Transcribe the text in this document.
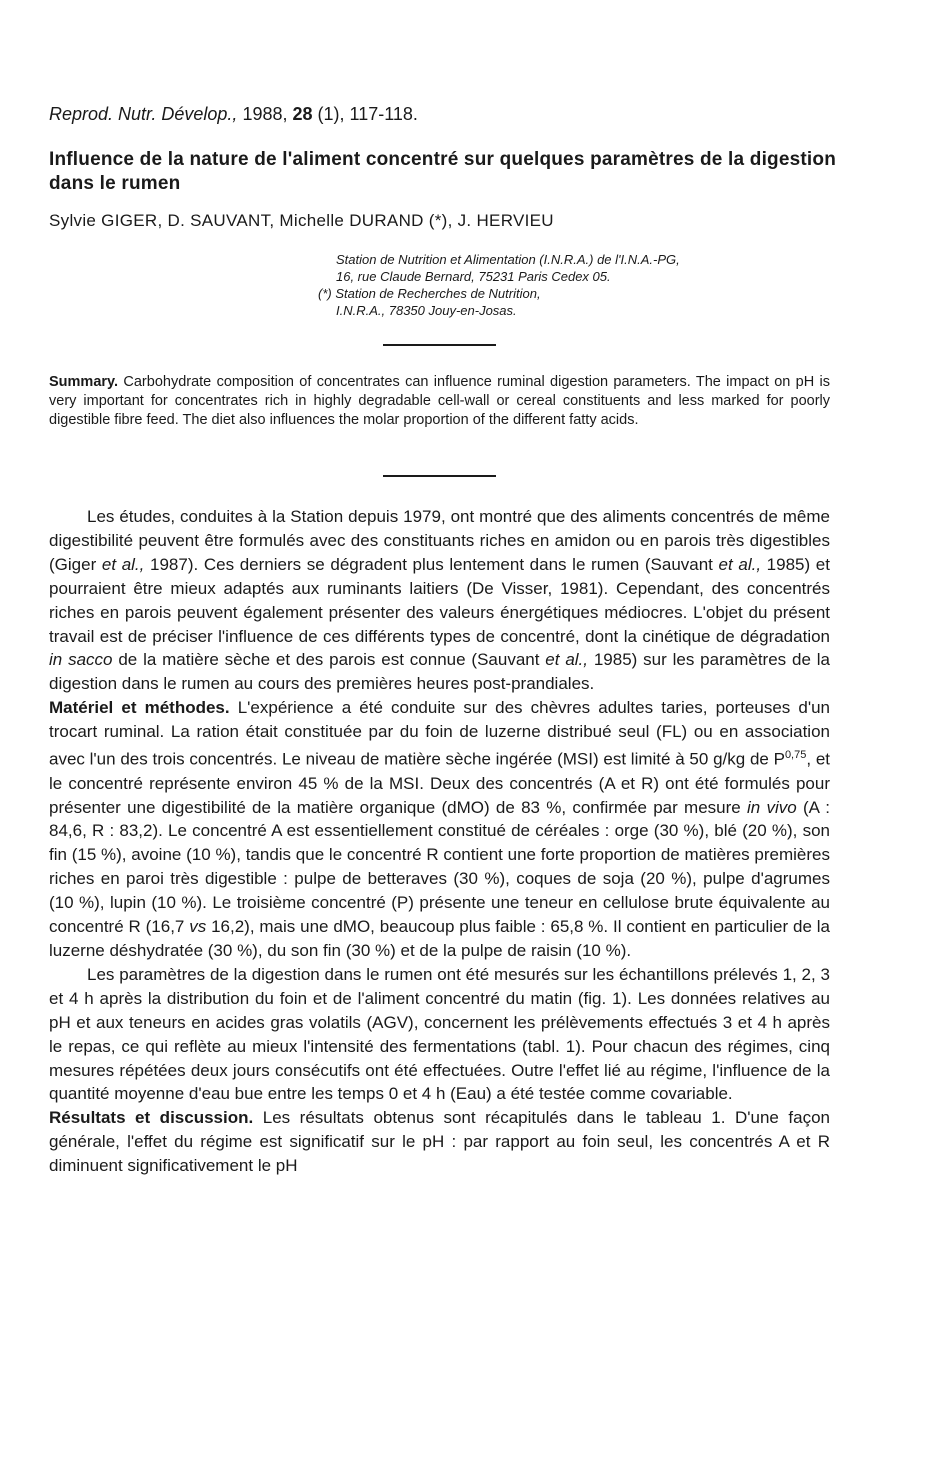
Reprod. Nutr. Dévelop., 1988, 28 (1), 117-118.
Influence de la nature de l'aliment concentré sur quelques paramètres de la digestion dans le rumen
Sylvie GIGER, D. SAUVANT, Michelle DURAND (*), J. HERVIEU
Station de Nutrition et Alimentation (I.N.R.A.) de l'I.N.A.-PG,
16, rue Claude Bernard, 75231 Paris Cedex 05.
(*) Station de Recherches de Nutrition,
I.N.R.A., 78350 Jouy-en-Josas.
Summary. Carbohydrate composition of concentrates can influence ruminal digestion parameters. The impact on pH is very important for concentrates rich in highly degradable cell-wall or cereal constituents and less marked for poorly digestible fibre feed. The diet also influences the molar proportion of the different fatty acids.

Les études, conduites à la Station depuis 1979, ont montré que des aliments concentrés de même digestibilité peuvent être formulés avec des constituants riches en amidon ou en parois très digestibles (Giger et al., 1987). Ces derniers se dégradent plus lentement dans le rumen (Sauvant et al., 1985) et pourraient être mieux adaptés aux ruminants laitiers (De Visser, 1981). Cependant, des concentrés riches en parois peuvent également présenter des valeurs énergétiques médiocres. L'objet du présent travail est de préciser l'influence de ces différents types de concentré, dont la cinétique de dégradation in sacco de la matière sèche et des parois est connue (Sauvant et al., 1985) sur les paramètres de la digestion dans le rumen au cours des premières heures post-prandiales.

Matériel et méthodes. L'expérience a été conduite sur des chèvres adultes taries, porteuses d'un trocart ruminal. La ration était constituée par du foin de luzerne distribué seul (FL) ou en association avec l'un des trois concentrés. Le niveau de matière sèche ingérée (MSI) est limité à 50 g/kg de P$^{0,75}$, et le concentré représente environ 45 % de la MSI. Deux des concentrés (A et R) ont été formulés pour présenter une digestibilité de la matière organique (dMO) de 83 %, confirmée par mesure in vivo (A : 84,6, R : 83,2). Le concentré A est essentiellement constitué de céréales : orge (30 %), blé (20 %), son fin (15 %), avoine (10 %), tandis que le concentré R contient une forte proportion de matières premières riches en paroi très digestible : pulpe de betteraves (30 %), coques de soja (20 %), pulpe d'agrumes (10 %), lupin (10 %). Le troisième concentré (P) présente une teneur en cellulose brute équivalente au concentré R (16,7 vs 16,2), mais une dMO, beaucoup plus faible : 65,8 %. Il contient en particulier de la luzerne déshydratée (30 %), du son fin (30 %) et de la pulpe de raisin (10 %).

Les paramètres de la digestion dans le rumen ont été mesurés sur les échantillons prélevés 1, 2, 3 et 4 h après la distribution du foin et de l'aliment concentré du matin (fig. 1). Les données relatives au pH et aux teneurs en acides gras volatils (AGV), concernent les prélèvements effectués 3 et 4 h après le repas, ce qui reflète au mieux l'intensité des fermentations (tabl. 1). Pour chacun des régimes, cinq mesures répétées deux jours consécutifs ont été effectuées. Outre l'effet lié au régime, l'influence de la quantité moyenne d'eau bue entre les temps 0 et 4 h (Eau) a été testée comme covariable.

Résultats et discussion. Les résultats obtenus sont récapitulés dans le tableau 1. D'une façon générale, l'effet du régime est significatif sur le pH : par rapport au foin seul, les concentrés A et R diminuent significativement le pH
